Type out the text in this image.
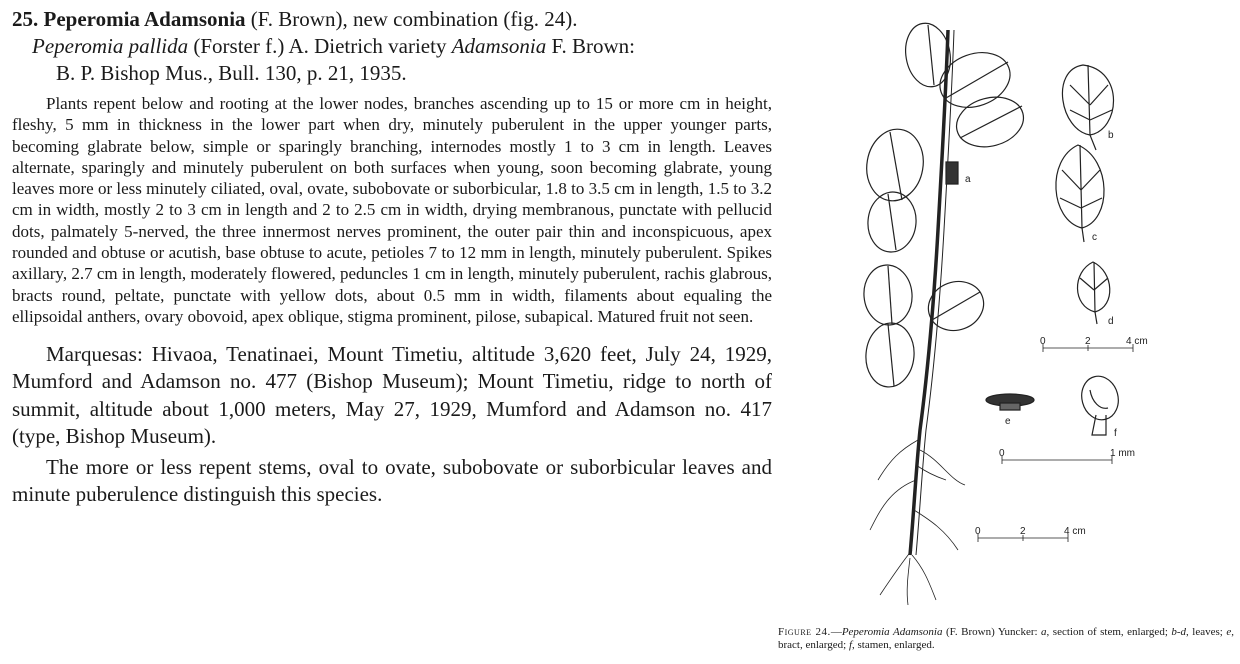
25. Peperomia Adamsonia (F. Brown), new combination (fig. 24).

Peperomia pallida (Forster f.) A. Dietrich variety Adamsonia F. Brown:

B. P. Bishop Mus., Bull. 130, p. 21, 1935.

Plants repent below and rooting at the lower nodes, branches ascending up to 15 or more cm in height, fleshy, 5 mm in thickness in the lower part when dry, minutely puberulent in the upper younger parts, becoming glabrate below, simple or sparingly branching, internodes mostly 1 to 3 cm in length. Leaves alternate, sparingly and minutely puberulent on both surfaces when young, soon becoming glabrate, young leaves more or less minutely ciliated, oval, ovate, subobovate or suborbicular, 1.8 to 3.5 cm in length, 1.5 to 3.2 cm in width, mostly 2 to 3 cm in length and 2 to 2.5 cm in width, drying membranous, punctate with pellucid dots, palmately 5-nerved, the three innermost nerves prominent, the outer pair thin and inconspicuous, apex rounded and obtuse or acutish, base obtuse to acute, petioles 7 to 12 mm in length, minutely puberulent. Spikes axillary, 2.7 cm in length, moderately flowered, peduncles 1 cm in length, minutely puberulent, rachis glabrous, bracts round, peltate, punctate with yellow dots, about 0.5 mm in width, filaments about equaling the ellipsoidal anthers, ovary obovoid, apex oblique, stigma prominent, pilose, subapical. Matured fruit not seen.

Marquesas: Hivaoa, Tenatinaei, Mount Timetiu, altitude 3,620 feet, July 24, 1929, Mumford and Adamson no. 477 (Bishop Museum); Mount Timetiu, ridge to north of summit, altitude about 1,000 meters, May 27, 1929, Mumford and Adamson no. 417 (type, Bishop Museum).

The more or less repent stems, oval to ovate, subobovate or suborbicular leaves and minute puberulence distinguish this species.

a
b
c
d
e
f
0	2	4 cm
0	1 mm
0	2	4 cm
Figure 24.—Peperomia Adamsonia (F. Brown) Yuncker: a, section of stem, enlarged; b-d, leaves; e, bract, enlarged; f, stamen, enlarged.
